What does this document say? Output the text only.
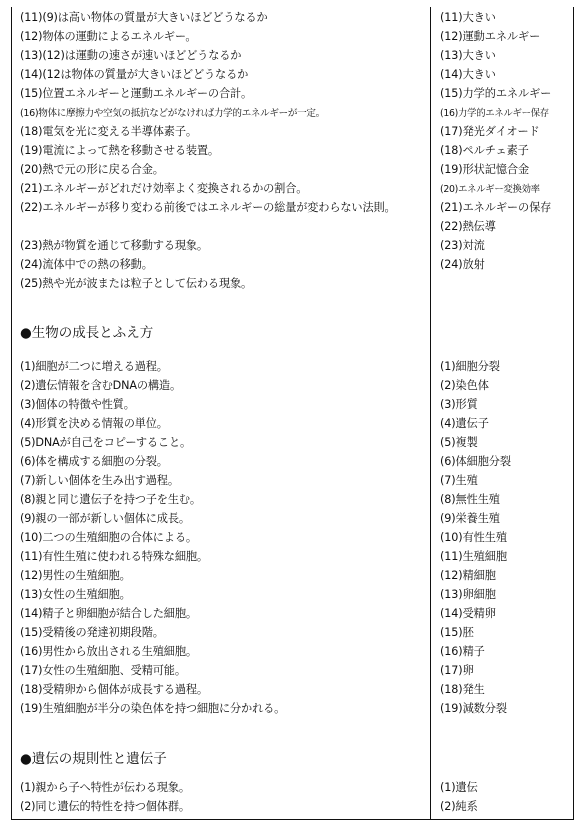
(11)(9)は高い物体の質量が大きいほどどうなるか
(12)物体の運動によるエネルギー。
(13)(12)は運動の速さが速いほどどうなるか
(14)(12は物体の質量が大きいほどどうなるか
(15)位置エネルギーと運動エネルギーの合計。
(16)物体に摩擦力や空気の抵抗などがなければ力学的エネルギーが一定。
(18)電気を光に変える半導体素子。
(19)電流によって熱を移動させる装置。
(20)熱で元の形に戻る合金。
(21)エネルギーがどれだけ効率よく変換されるかの割合。
(22)エネルギーが移り変わる前後ではエネルギーの総量が変わらない法則。
(23)熱が物質を通じて移動する現象。
(24)流体中での熱の移動。
(25)熱や光が波または粒子として伝わる現象。
(11)大きい
(12)運動エネルギー
(13)大きい
(14)大きい
(15)力学的エネルギー
(16)力学的エネルギー保存
(17)発光ダイオード
(18)ペルチェ素子
(19)形状記憶合金
(20)エネルギー変換効率
(21)エネルギーの保存
(22)熱伝導
(23)対流
(24)放射
●生物の成長とふえ方
(1)細胞が二つに増える過程。
(2)遺伝情報を含むDNAの構造。
(3)個体の特徴や性質。
(4)形質を決める情報の単位。
(5)DNAが自己をコピーすること。
(6)体を構成する細胞の分裂。
(7)新しい個体を生み出す過程。
(8)親と同じ遺伝子を持つ子を生む。
(9)親の一部が新しい個体に成長。
(10)二つの生殖細胞の合体による。
(11)有性生殖に使われる特殊な細胞。
(12)男性の生殖細胞。
(13)女性の生殖細胞。
(14)精子と卵細胞が結合した細胞。
(15)受精後の発達初期段階。
(16)男性から放出される生殖細胞。
(17)女性の生殖細胞、受精可能。
(18)受精卵から個体が成長する過程。
(19)生殖細胞が半分の染色体を持つ細胞に分かれる。
(1)細胞分裂
(2)染色体
(3)形質
(4)遺伝子
(5)複製
(6)体細胞分裂
(7)生殖
(8)無性生殖
(9)栄養生殖
(10)有性生殖
(11)生殖細胞
(12)精細胞
(13)卵細胞
(14)受精卵
(15)胚
(16)精子
(17)卵
(18)発生
(19)減数分裂
●遺伝の規則性と遺伝子
(1)親から子へ特性が伝わる現象。
(2)同じ遺伝的特性を持つ個体群。
(1)遺伝
(2)純系
